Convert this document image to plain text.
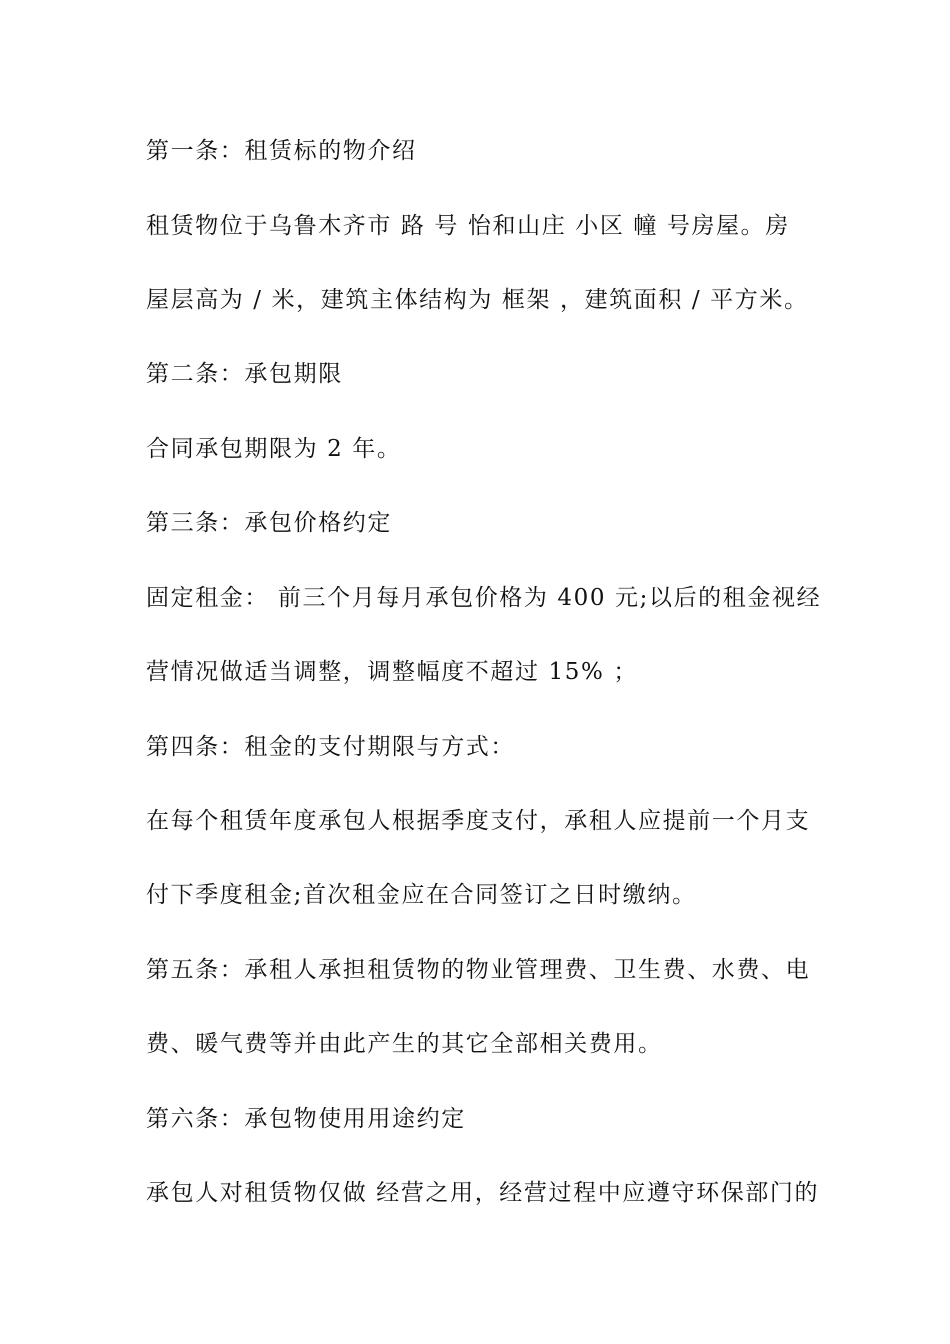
第一条：租赁标的物介绍
租赁物位于乌鲁木齐市 路 号 怡和山庄 小区 幢 号房屋。房
屋层高为 / 米，建筑主体结构为 框架 ，建筑面积 / 平方米。
第二条：承包期限
合同承包期限为 2 年。
第三条：承包价格约定
固定租金： 前三个月每月承包价格为 400 元;以后的租金视经
营情况做适当调整，调整幅度不超过 15% ；
第四条：租金的支付期限与方式：
在每个租赁年度承包人根据季度支付，承租人应提前一个月支
付下季度租金;首次租金应在合同签订之日时缴纳。
第五条：承租人承担租赁物的物业管理费、卫生费、水费、电
费、暖气费等并由此产生的其它全部相关费用。
第六条：承包物使用用途约定
承包人对租赁物仅做 经营之用，经营过程中应遵守环保部门的
